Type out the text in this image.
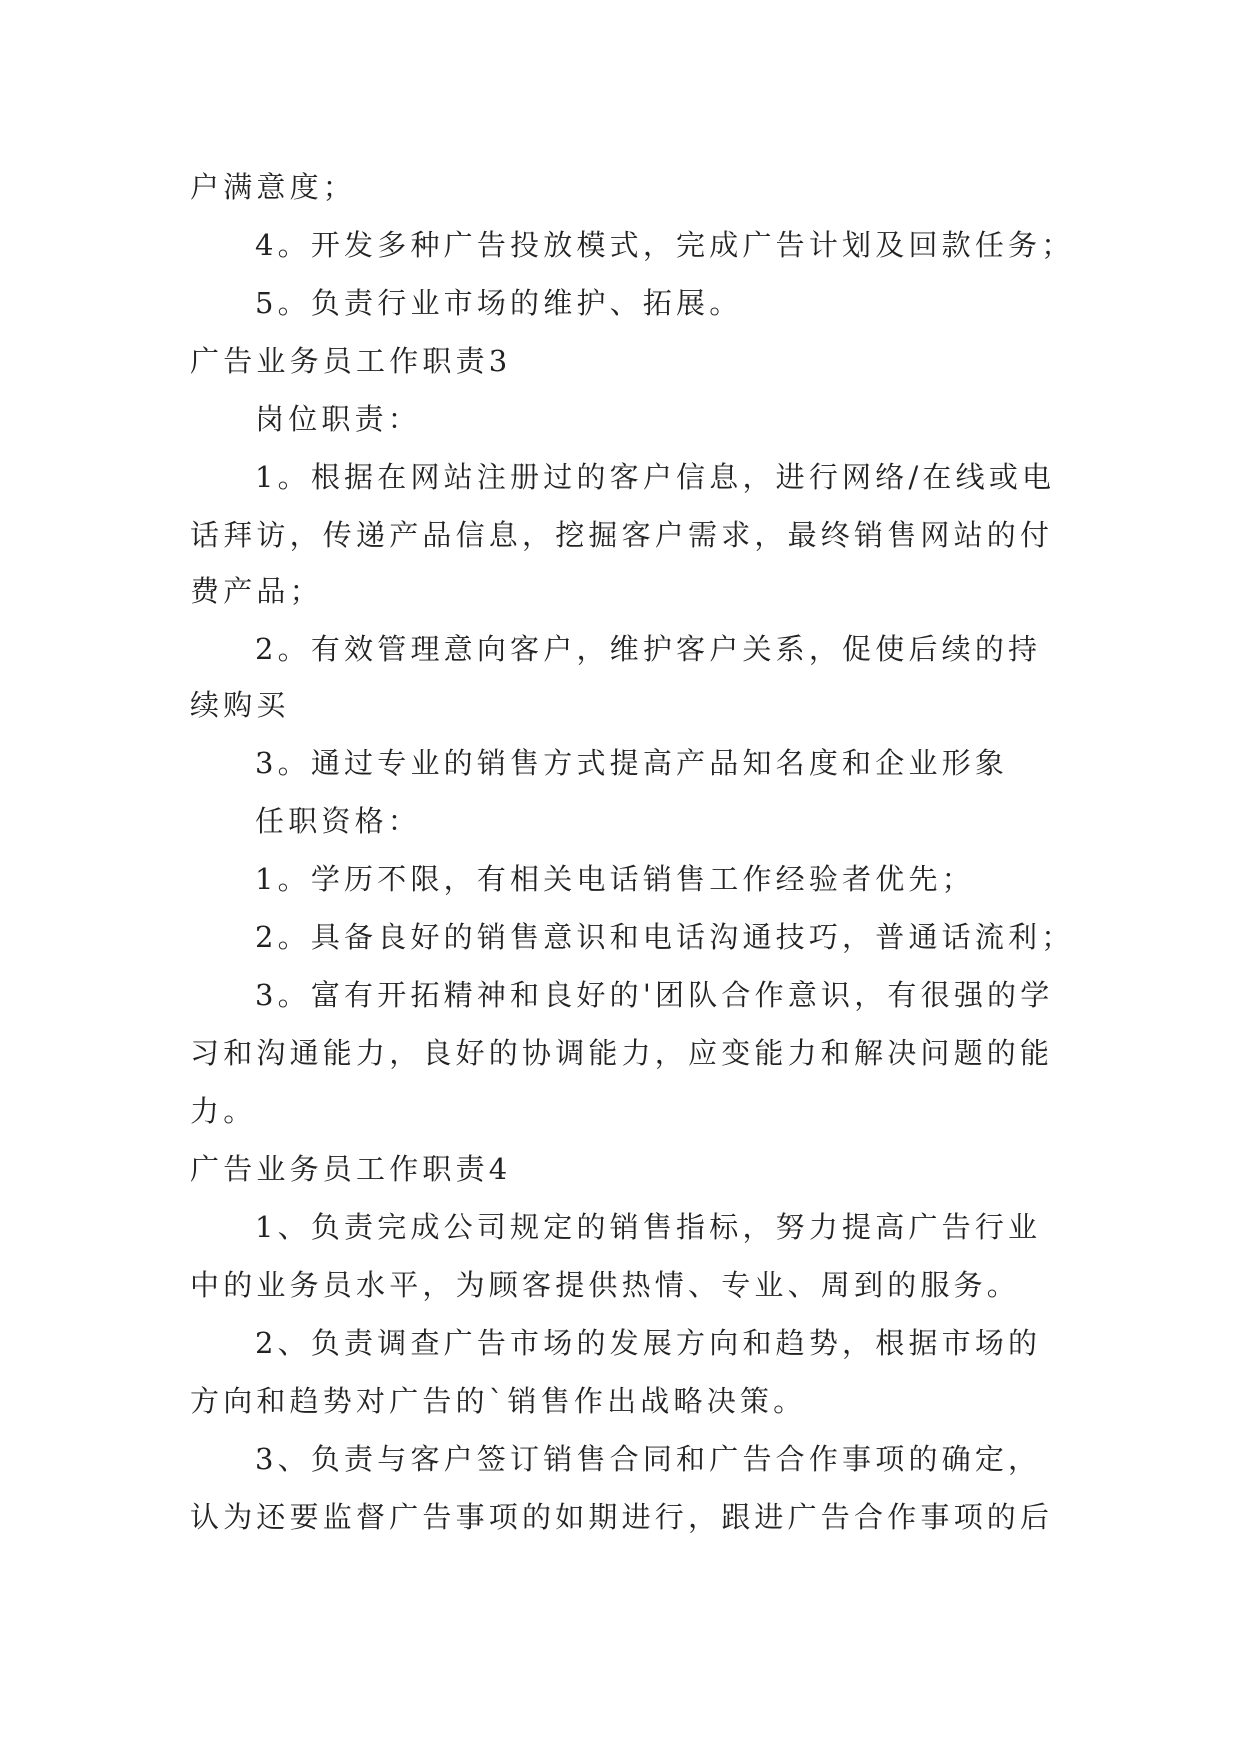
户满意度；

4。开发多种广告投放模式，完成广告计划及回款任务；

5。负责行业市场的维护、拓展。

广告业务员工作职责3

岗位职责：

1。根据在网站注册过的客户信息，进行网络/在线或电

话拜访，传递产品信息，挖掘客户需求，最终销售网站的付

费产品；

2。有效管理意向客户，维护客户关系，促使后续的持

续购买

3。通过专业的销售方式提高产品知名度和企业形象

任职资格：

1。学历不限，有相关电话销售工作经验者优先；

2。具备良好的销售意识和电话沟通技巧，普通话流利；

3。富有开拓精神和良好的'团队合作意识，有很强的学

习和沟通能力，良好的协调能力，应变能力和解决问题的能

力。

广告业务员工作职责4

1、负责完成公司规定的销售指标，努力提高广告行业

中的业务员水平，为顾客提供热情、专业、周到的服务。

2、负责调查广告市场的发展方向和趋势，根据市场的

方向和趋势对广告的`销售作出战略决策。

3、负责与客户签订销售合同和广告合作事项的确定，

认为还要监督广告事项的如期进行，跟进广告合作事项的后
